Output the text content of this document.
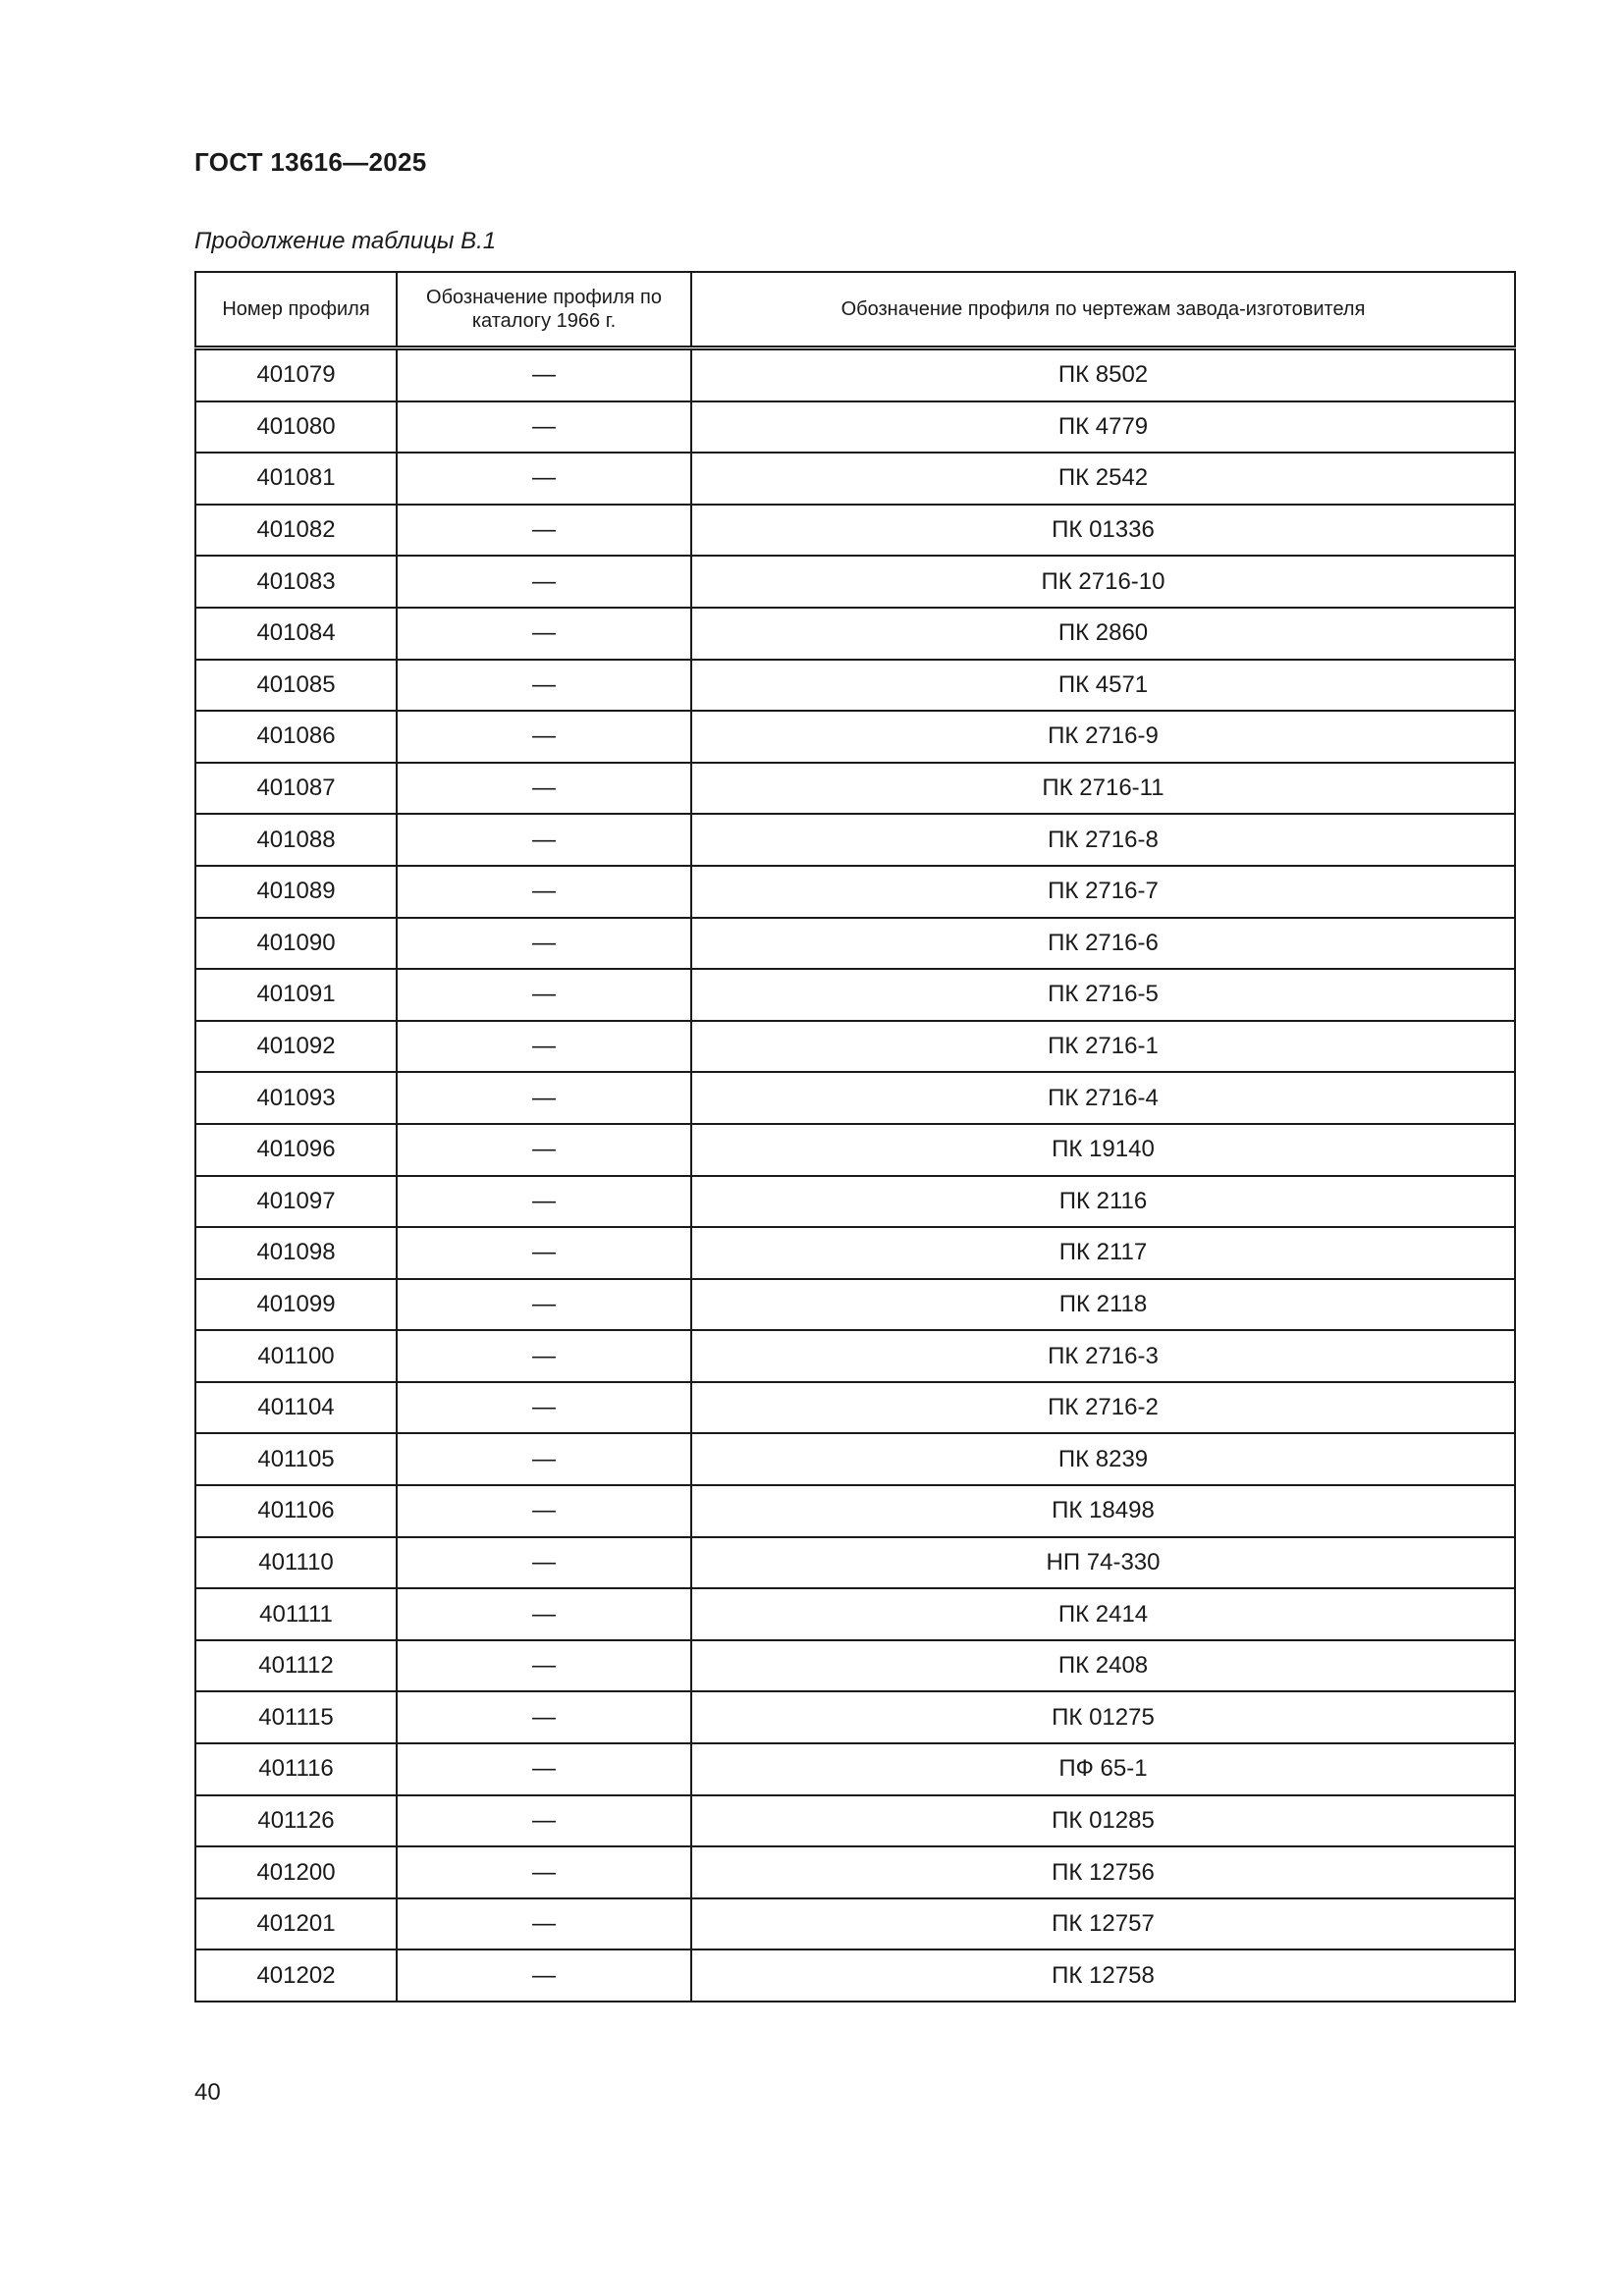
ГОСТ 13616—2025
Продолжение таблицы В.1
Номер профиля	Обозначение профиля по каталогу 1966 г.	Обозначение профиля по чертежам завода-изготовителя
401079	—	ПК 8502
401080	—	ПК 4779
401081	—	ПК 2542
401082	—	ПК 01336
401083	—	ПК 2716-10
401084	—	ПК 2860
401085	—	ПК 4571
401086	—	ПК 2716-9
401087	—	ПК 2716-11
401088	—	ПК 2716-8
401089	—	ПК 2716-7
401090	—	ПК 2716-6
401091	—	ПК 2716-5
401092	—	ПК 2716-1
401093	—	ПК 2716-4
401096	—	ПК 19140
401097	—	ПК 2116
401098	—	ПК 2117
401099	—	ПК 2118
401100	—	ПК 2716-3
401104	—	ПК 2716-2
401105	—	ПК 8239
401106	—	ПК 18498
401110	—	НП 74-330
401111	—	ПК 2414
401112	—	ПК 2408
401115	—	ПК 01275
401116	—	ПФ 65-1
401126	—	ПК 01285
401200	—	ПК 12756
401201	—	ПК 12757
401202	—	ПК 12758
40
